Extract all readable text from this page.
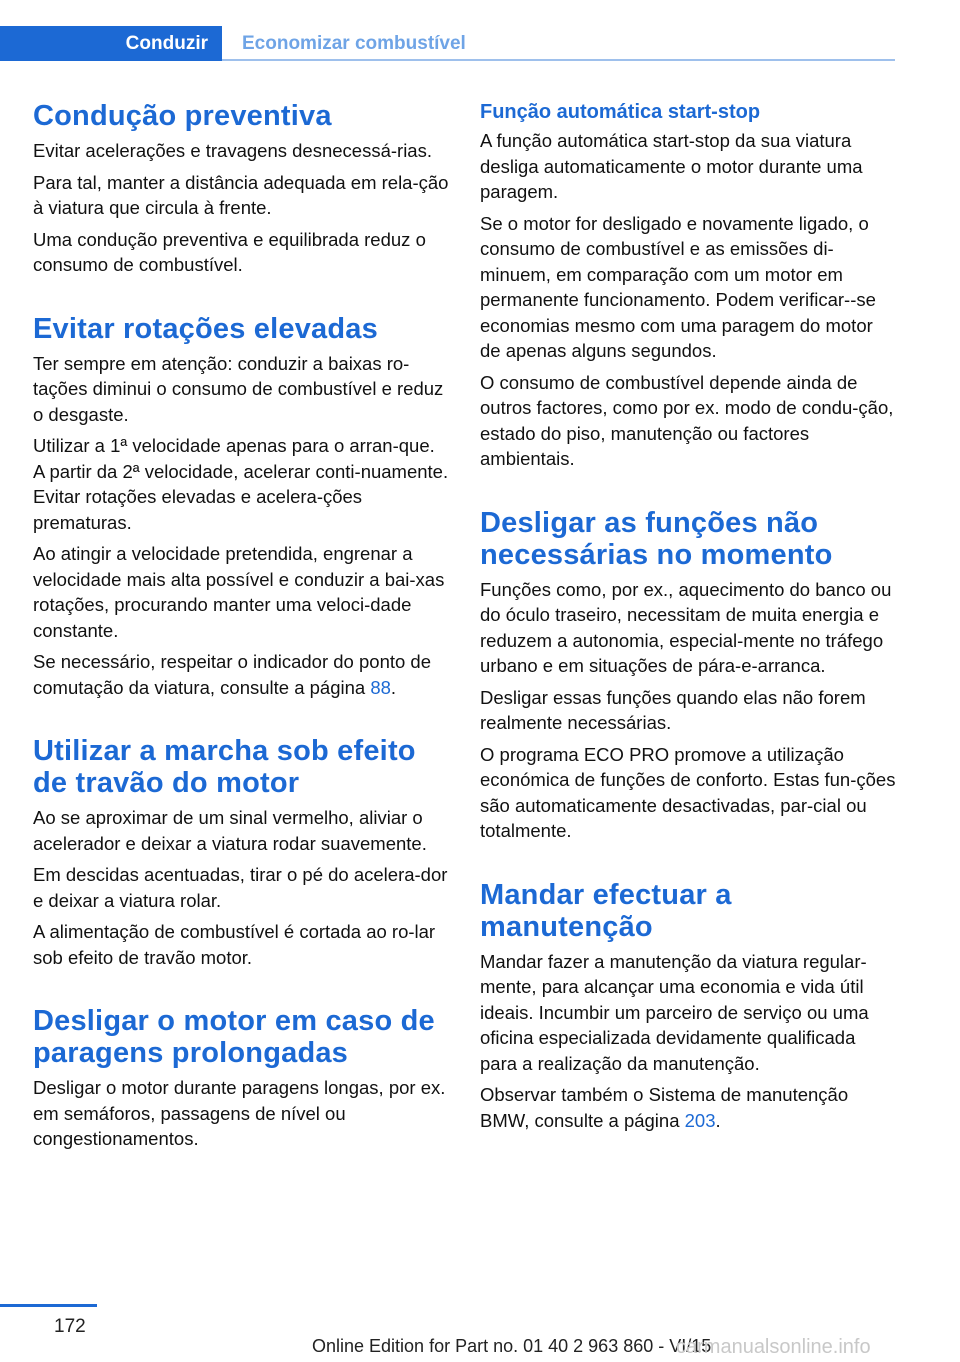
Conduzir	Economizar combustível
Condução preventiva

Evitar acelerações e travagens desnecessá-rias.

Para tal, manter a distância adequada em rela-ção à viatura que circula à frente.

Uma condução preventiva e equilibrada reduz o consumo de combustível.

Evitar rotações elevadas

Ter sempre em atenção: conduzir a baixas ro-tações diminui o consumo de combustível e reduz o desgaste.

Utilizar a 1ª velocidade apenas para o arran-que. A partir da 2ª velocidade, acelerar conti-nuamente. Evitar rotações elevadas e acelera-ções prematuras.

Ao atingir a velocidade pretendida, engrenar a velocidade mais alta possível e conduzir a bai-xas rotações, procurando manter uma veloci-dade constante.

Se necessário, respeitar o indicador do ponto de comutação da viatura, consulte a página 88.

Utilizar a marcha sob efeito de travão do motor

Ao se aproximar de um sinal vermelho, aliviar o acelerador e deixar a viatura rodar suavemente.

Em descidas acentuadas, tirar o pé do acelera-dor e deixar a viatura rolar.

A alimentação de combustível é cortada ao ro-lar sob efeito de travão motor.

Desligar o motor em caso de paragens prolongadas

Desligar o motor durante paragens longas, por ex. em semáforos, passagens de nível ou congestionamentos.

Função automática start-stop

A função automática start-stop da sua viatura desliga automaticamente o motor durante uma paragem.

Se o motor for desligado e novamente ligado, o consumo de combustível e as emissões di-minuem, em comparação com um motor em permanente funcionamento. Podem verificar--se economias mesmo com uma paragem do motor de apenas alguns segundos.

O consumo de combustível depende ainda de outros factores, como por ex. modo de condu-ção, estado do piso, manutenção ou factores ambientais.

Desligar as funções não necessárias no momento

Funções como, por ex., aquecimento do banco ou do óculo traseiro, necessitam de muita energia e reduzem a autonomia, especial-mente no tráfego urbano e em situações de pára-e-arranca.

Desligar essas funções quando elas não forem realmente necessárias.

O programa ECO PRO promove a utilização económica de funções de conforto. Estas fun-ções são automaticamente desactivadas, par-cial ou totalmente.

Mandar efectuar a manutenção

Mandar fazer a manutenção da viatura regular-mente, para alcançar uma economia e vida útil ideais. Incumbir um parceiro de serviço ou uma oficina especializada devidamente qualificada para a realização da manutenção.

Observar também o Sistema de manutenção BMW, consulte a página 203.

172
Online Edition for Part no. 01 40 2 963 860 - VI/15
carmanualsonline.info
